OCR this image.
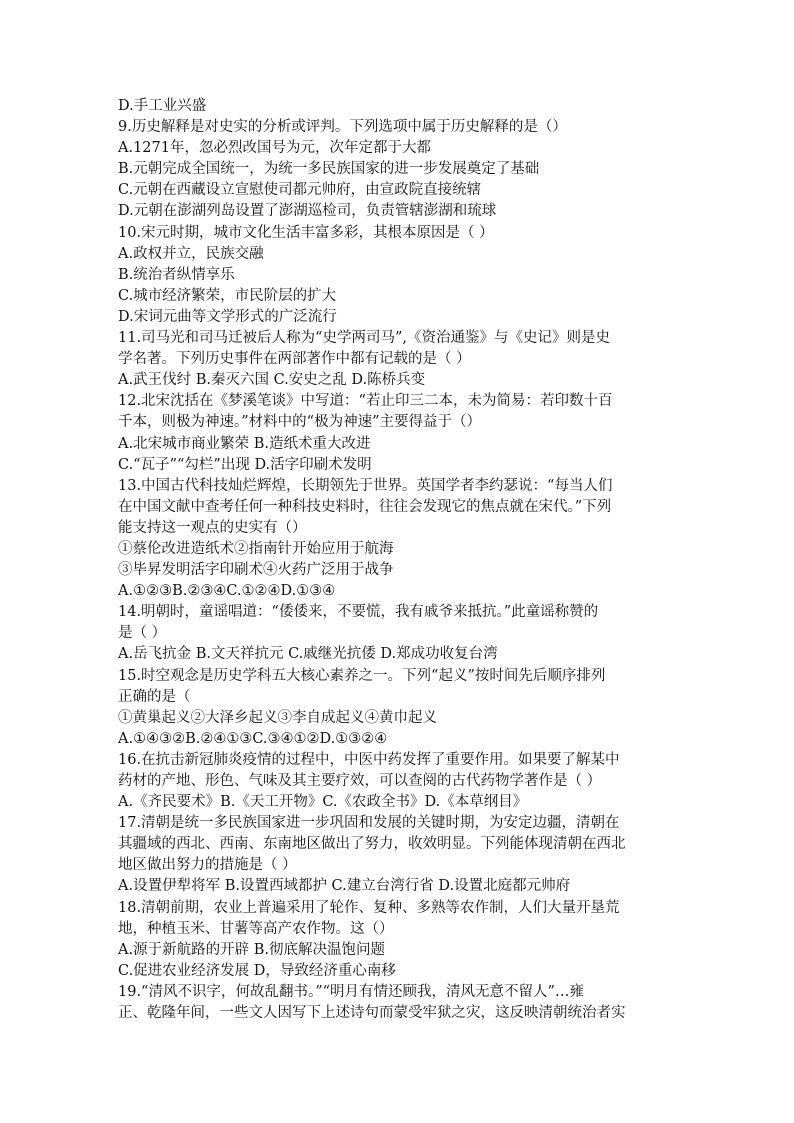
D.手工业兴盛
9.历史解释是对史实的分析或评判。下列选项中属于历史解释的是（）
A.1271年，忽必烈改国号为元，次年定都于大都
B.元朝完成全国统一，为统一多民族国家的进一步发展奠定了基础
C.元朝在西藏设立宣慰使司都元帅府，由宣政院直接统辖
D.元朝在澎湖列岛设置了澎湖巡检司，负责管辖澎湖和琉球
10.宋元时期，城市文化生活丰富多彩，其根本原因是（ ）
A.政权并立，民族交融
B.统治者纵情享乐
C.城市经济繁荣，市民阶层的扩大
D.宋词元曲等文学形式的广泛流行
11.司马光和司马迁被后人称为“史学两司马”,《资治通鉴》与《史记》则是史
学名著。下列历史事件在两部著作中都有记载的是（ ）
A.武王伐纣 B.秦灭六国 C.安史之乱 D.陈桥兵变
12.北宋沈括在《梦溪笔谈》中写道：“若止印三二本，未为简易：若印数十百
千本，则极为神速。”材料中的“极为神速”主要得益于（）
A.北宋城市商业繁荣 B.造纸术重大改进
C.“瓦子”“勾栏”出现 D.活字印刷术发明
13.中国古代科技灿烂辉煌，长期领先于世界。英国学者李约瑟说：“每当人们
在中国文献中查考任何一种科技史料时，往往会发现它的焦点就在宋代。”下列
能支持这一观点的史实有（）
①蔡伦改进造纸术②指南针开始应用于航海
③毕昇发明活字印刷术④火药广泛用于战争
A.①②③B.②③④C.①②④D.①③④
14.明朝时，童谣唱道：“倭倭来，不要慌，我有戚爷来抵抗。”此童谣称赞的
是（ ）
A.岳飞抗金 B.文天祥抗元 C.戚继光抗倭 D.郑成功收复台湾
15.时空观念是历史学科五大核心素养之一。下列“起义”按时间先后顺序排列
正确的是（
①黄巢起义②大泽乡起义③李自成起义④黄巾起义
A.①④③②B.②④①③C.③④①②D.①③②④
16.在抗击新冠肺炎疫情的过程中，中医中药发挥了重要作用。如果要了解某中
药材的产地、形色、气味及其主要疗效，可以查阅的古代药物学著作是（ ）
A.《齐民要术》B.《天工开物》C.《农政全书》D.《本草纲目》
17.清朝是统一多民族国家进一步巩固和发展的关键时期，为安定边疆，清朝在
其疆域的西北、西南、东南地区做出了努力，收效明显。下列能体现清朝在西北
地区做出努力的措施是（ ）
A.设置伊犁将军 B.设置西域都护 C.建立台湾行省 D.设置北庭都元帅府
18.清朝前期，农业上普遍采用了轮作、复种、多熟等农作制，人们大量开垦荒
地，种植玉米、甘薯等高产农作物。这（）
A.源于新航路的开辟 B.彻底解决温饱问题
C.促进农业经济发展 D，导致经济重心南移
19.“清风不识字，何故乱翻书。”“明月有情还顾我，清风无意不留人”…雍
正、乾隆年间，一些文人因写下上述诗句而蒙受牢狱之灾，这反映清朝统治者实
